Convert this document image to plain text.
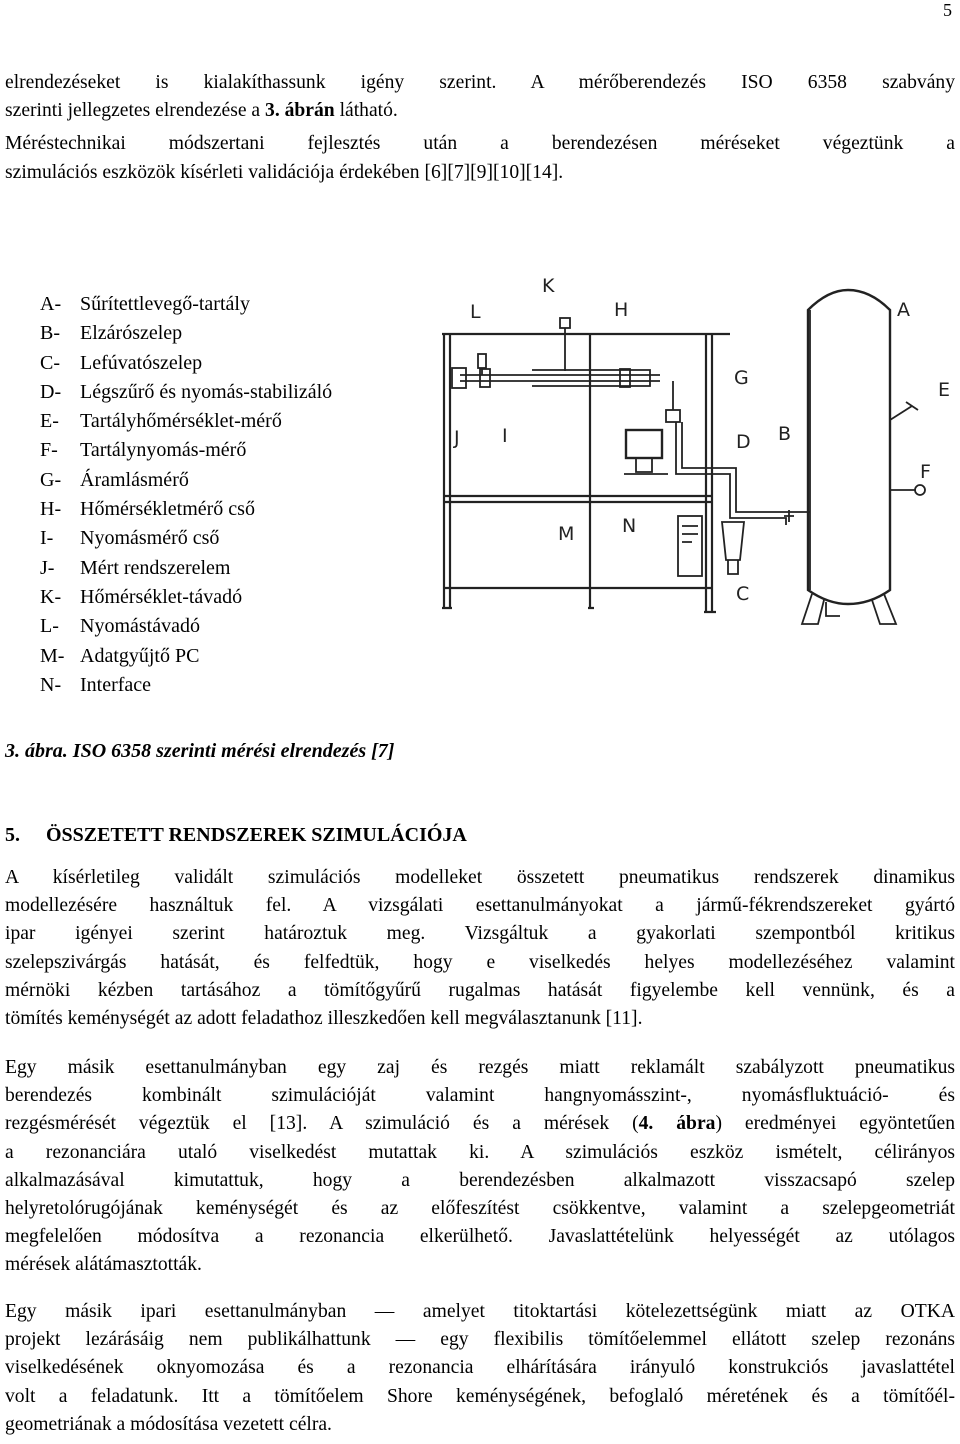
5
elrendezéseket is kialakíthassunk igény szerint. A mérőberendezés ISO 6358 szabvány
szerinti jellegzetes elrendezése a 3. ábrán látható.
Méréstechnikai módszertani fejlesztés után a berendezésen méréseket végeztünk a
szimulációs eszközök kísérleti validációja érdekében [6][7][9][10][14].
A- Sűrítettlevegő-tartály
B- Elzárószelep
C- Lefúvatószelep
D- Légszűrő és nyomás-stabilizáló
E- Tartályhőmérséklet-mérő
F- Tartálynyomás-mérő
G- Áramlásmérő
H- Hőmérsékletmérő cső
I- Nyomásmérő cső
J- Mért rendszerelem
K- Hőmérséklet-távadó
L- Nyomástávadó
M- Adatgyűjtő PC
N- Interface
K
L	H	A
G
E
J I	D B
F
M	N
C
3. ábra. ISO 6358 szerinti mérési elrendezés [7]
5. ÖSSZETETT RENDSZEREK SZIMULÁCIÓJA
A kísérletileg validált szimulációs modelleket összetett pneumatikus rendszerek dinamikus
modellezésére használtuk fel. A vizsgálati esettanulmányokat a jármű-fékrendszereket gyártó
ipar igényei szerint határoztuk meg. Vizsgáltuk a gyakorlati szempontból kritikus
szelepszivárgás hatását, és felfedtük, hogy e viselkedés helyes modellezéséhez valamint
mérnöki kézben tartásához a tömítőgyűrű rugalmas hatását figyelembe kell vennünk, és a
tömítés keménységét az adott feladathoz illeszkedően kell megválasztanunk [11].
Egy másik esettanulmányban egy zaj és rezgés miatt reklamált szabályzott pneumatikus
berendezés kombinált szimulációját valamint hangnyomásszint-, nyomásfluktuáció- és
rezgésmérését végeztük el [13]. A szimuláció és a mérések (4. ábra) eredményei egyöntetűen
a rezonanciára utaló viselkedést mutattak ki. A szimulációs eszköz ismételt, célirányos
alkalmazásával kimutattuk, hogy a berendezésben alkalmazott visszacsapó szelep
helyretolórugójának keménységét és az előfeszítést csökkentve, valamint a szelepgeometriát
megfelelően módosítva a rezonancia elkerülhető. Javaslattételünk helyességét az utólagos
mérések alátámasztották.
Egy másik ipari esettanulmányban — amelyet titoktartási kötelezettségünk miatt az OTKA
projekt lezárásáig nem publikálhattunk — egy flexibilis tömítőelemmel ellátott szelep rezonáns
viselkedésének oknyomozása és a rezonancia elhárítására irányuló konstrukciós javaslattétel
volt a feladatunk. Itt a tömítőelem Shore keménységének, befoglaló méretének és a tömítőél-
geometriának a módosítása vezetett célra.
